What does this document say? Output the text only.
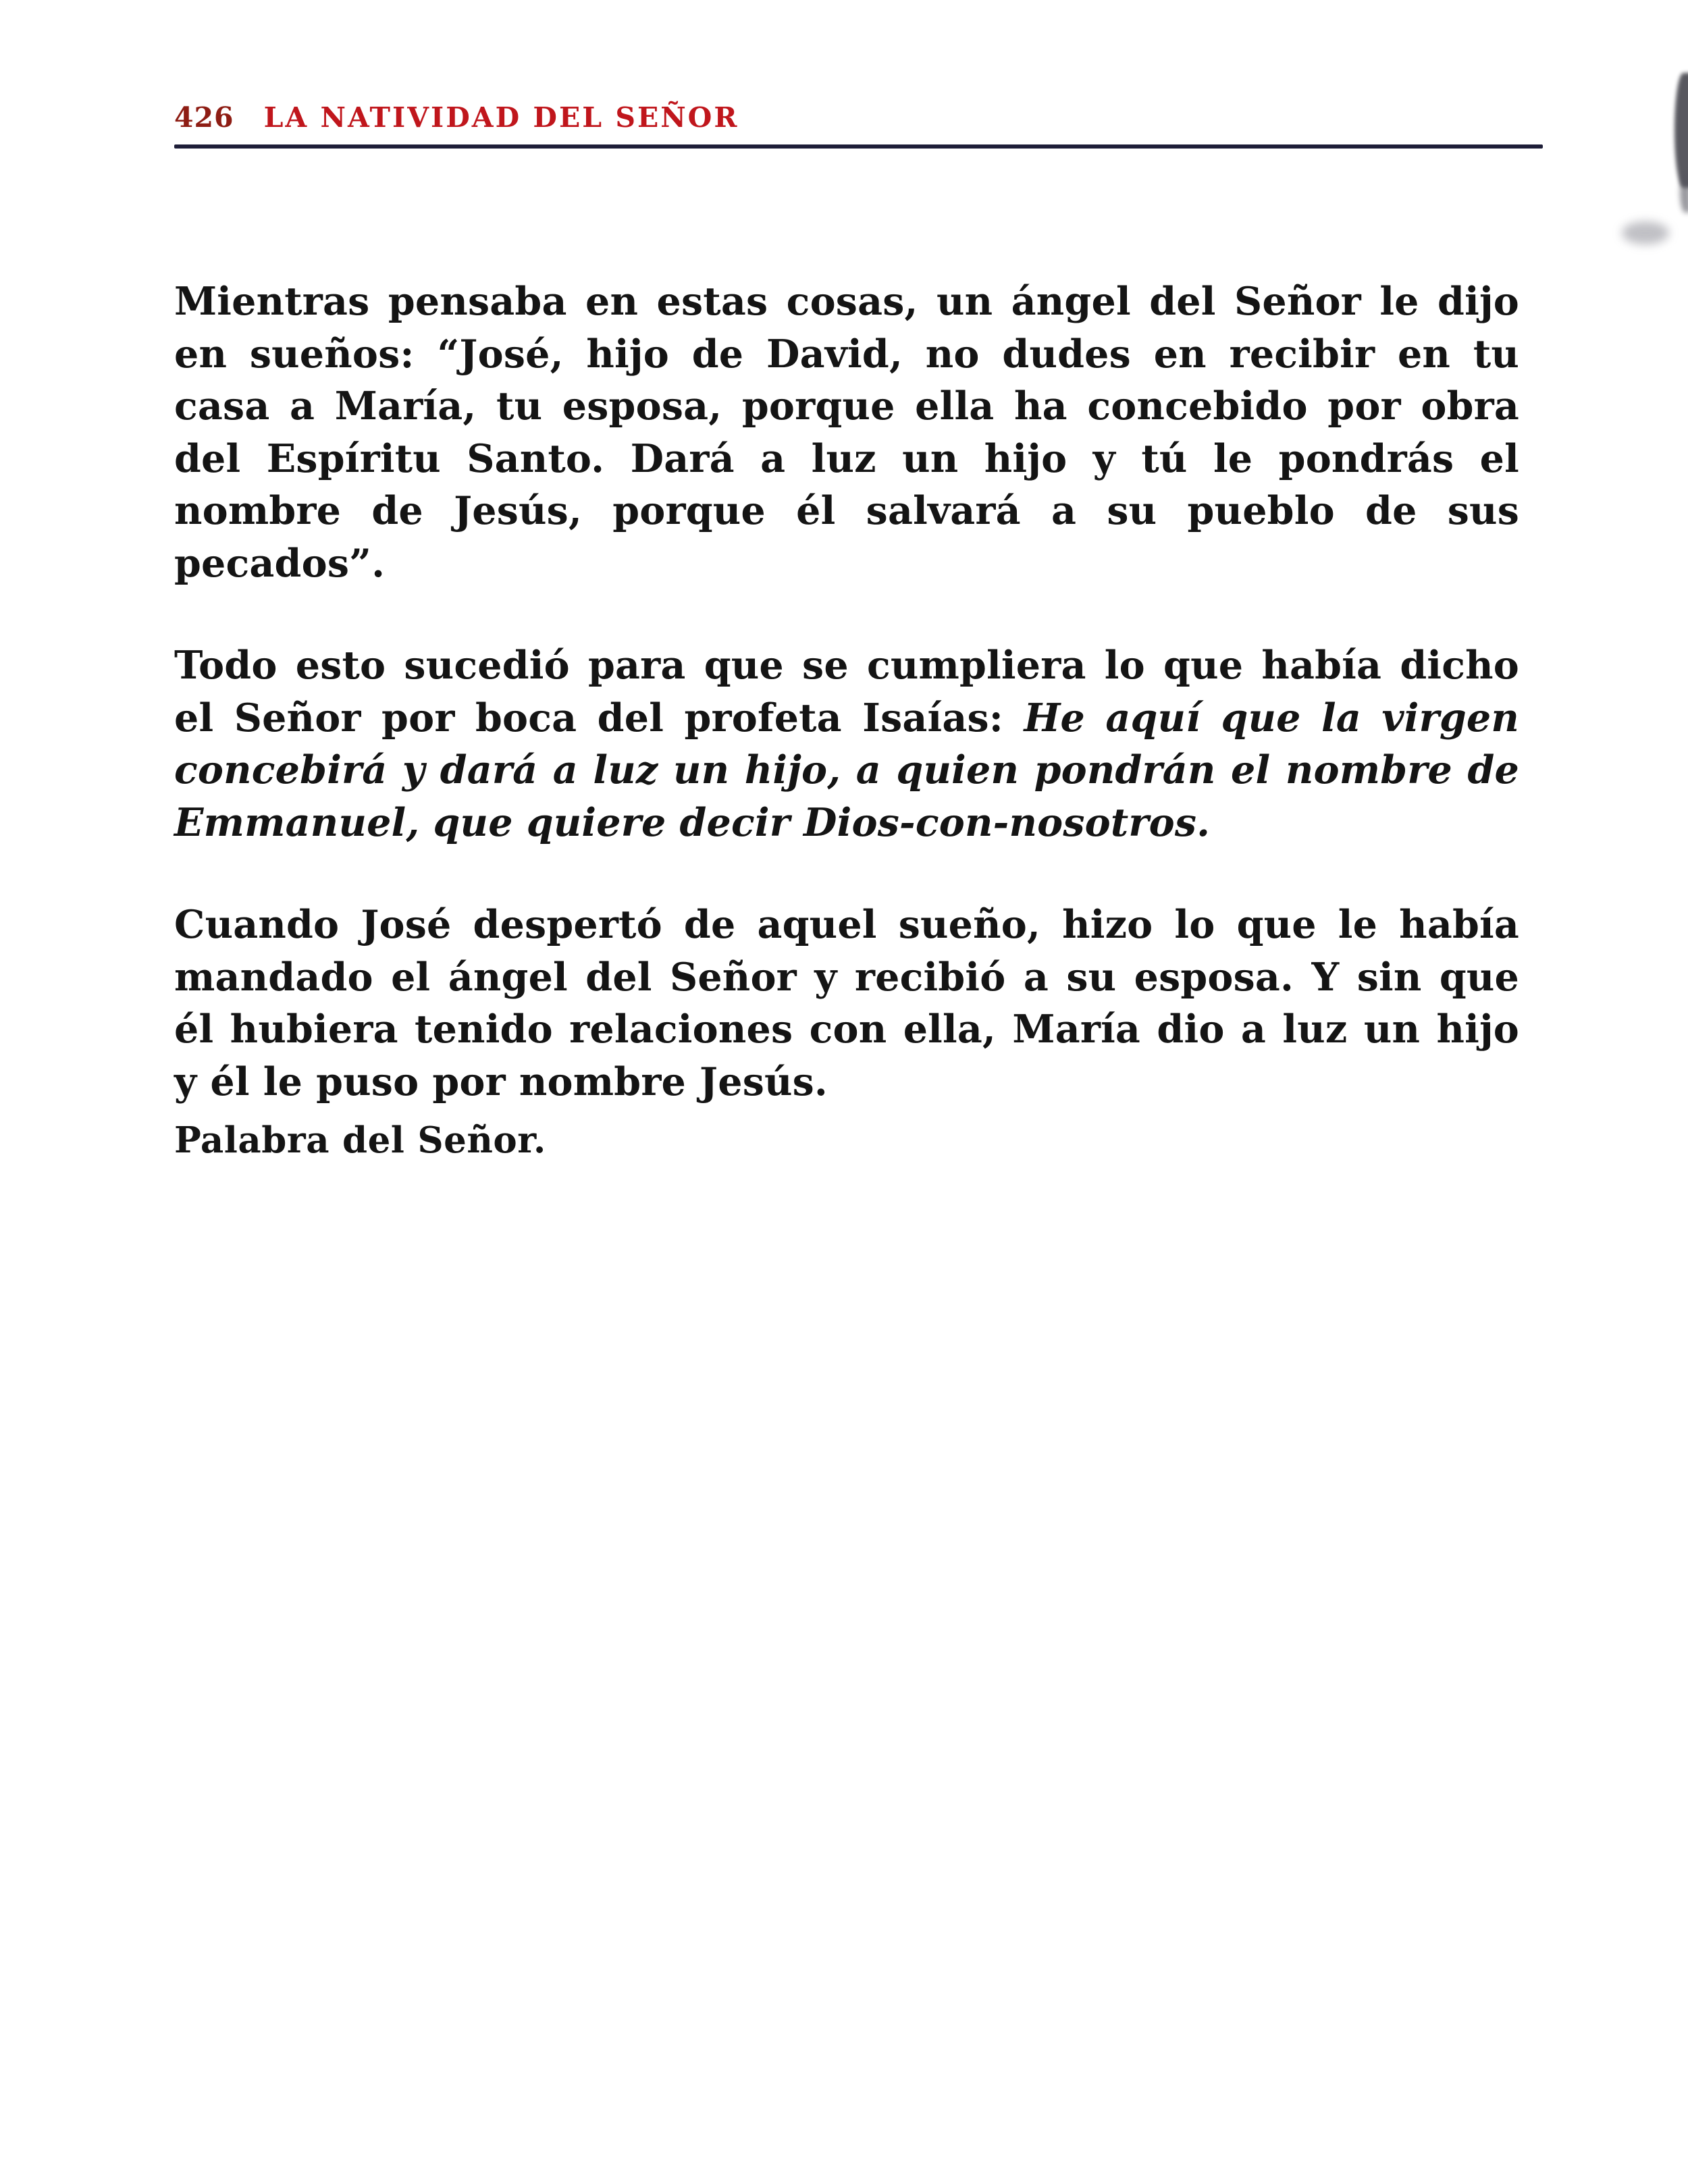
426 LA NATIVIDAD DEL SEÑOR

Mientras pensaba en estas cosas, un ángel del Señor le dijo en sueños: “José, hijo de David, no dudes en recibir en tu casa a María, tu esposa, porque ella ha concebido por obra del Espíritu Santo. Dará a luz un hijo y tú le pondrás el nombre de Jesús, porque él salvará a su pueblo de sus pecados”.

Todo esto sucedió para que se cumpliera lo que había dicho el Señor por boca del profeta Isaías: He aquí que la virgen concebirá y dará a luz un hijo, a quien pondrán el nombre de Emmanuel, que quiere decir Dios-con-nosotros.

Cuando José despertó de aquel sueño, hizo lo que le había mandado el ángel del Señor y recibió a su esposa. Y sin que él hubiera tenido relaciones con ella, María dio a luz un hijo y él le puso por nombre Jesús.

Palabra del Señor.
